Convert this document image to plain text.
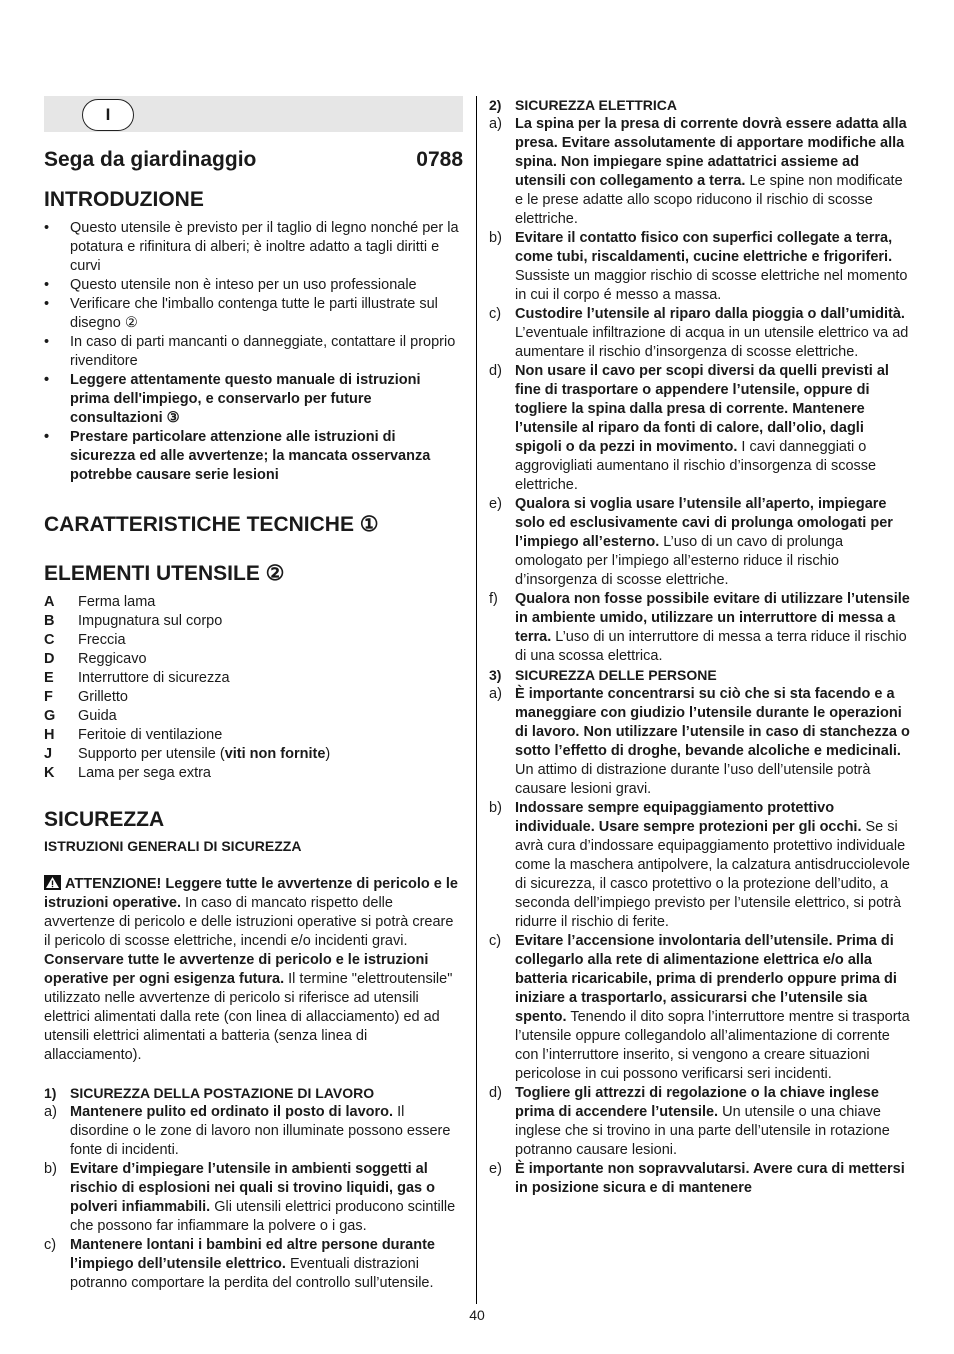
I
Sega da giardinaggio	0788
INTRODUZIONE
• Questo utensile è previsto per il taglio di legno nonché per la potatura e rifinitura di alberi; è inoltre adatto a tagli diritti e curvi
• Questo utensile non è inteso per un uso professionale
• Verificare che l'imballo contenga tutte le parti illustrate sul disegno ②
• In caso di parti mancanti o danneggiate, contattare il proprio rivenditore
• Leggere attentamente questo manuale di istruzioni prima dell'impiego, e conservarlo per future consultazioni ③
• Prestare particolare attenzione alle istruzioni di sicurezza ed alle avvertenze; la mancata osservanza potrebbe causare serie lesioni
CARATTERISTICHE TECNICHE ①
ELEMENTI UTENSILE ②
A	Ferma lama
B	Impugnatura sul corpo
C	Freccia
D	Reggicavo
E	Interruttore di sicurezza
F	Grilletto
G	Guida
H	Feritoie di ventilazione
J	Supporto per utensile (viti non fornite)
K	Lama per sega extra
SICUREZZA
ISTRUZIONI GENERALI DI SICUREZZA
ATTENZIONE! Leggere tutte le avvertenze di pericolo e le istruzioni operative. In caso di mancato rispetto delle avvertenze di pericolo e delle istruzioni operative si potrà creare il pericolo di scosse elettriche, incendi e/o incidenti gravi. Conservare tutte le avvertenze di pericolo e le istruzioni operative per ogni esigenza futura. Il termine "elettroutensile" utilizzato nelle avvertenze di pericolo si riferisce ad utensili elettrici alimentati dalla rete (con linea di allacciamento) ed ad utensili elettrici alimentati a batteria (senza linea di allacciamento).
1) SICUREZZA DELLA POSTAZIONE DI LAVORO
a) Mantenere pulito ed ordinato il posto di lavoro. Il disordine o le zone di lavoro non illuminate possono essere fonte di incidenti.
b) Evitare d’impiegare l’utensile in ambienti soggetti al rischio di esplosioni nei quali si trovino liquidi, gas o polveri infiammabili. Gli utensili elettrici producono scintille che possono far infiammare la polvere o i gas.
c) Mantenere lontani i bambini ed altre persone durante l’impiego dell’utensile elettrico. Eventuali distrazioni potranno comportare la perdita del controllo sull’utensile.
2) SICUREZZA ELETTRICA
a) La spina per la presa di corrente dovrà essere adatta alla presa. Evitare assolutamente di apportare modifiche alla spina. Non impiegare spine adattatrici assieme ad utensili con collegamento a terra. Le spine non modificate e le prese adatte allo scopo riducono il rischio di scosse elettriche.
b) Evitare il contatto fisico con superfici collegate a terra, come tubi, riscaldamenti, cucine elettriche e frigoriferi. Sussiste un maggior rischio di scosse elettriche nel momento in cui il corpo é messo a massa.
c) Custodire l’utensile al riparo dalla pioggia o dall’umidità. L’eventuale infiltrazione di acqua in un utensile elettrico va ad aumentare il rischio d’insorgenza di scosse elettriche.
d) Non usare il cavo per scopi diversi da quelli previsti al fine di trasportare o appendere l’utensile, oppure di togliere la spina dalla presa di corrente. Mantenere l’utensile al riparo da fonti di calore, dall’olio, dagli spigoli o da pezzi in movimento. I cavi danneggiati o aggrovigliati aumentano il rischio d’insorgenza di scosse elettriche.
e) Qualora si voglia usare l’utensile all’aperto, impiegare solo ed esclusivamente cavi di prolunga omologati per l’impiego all’esterno. L’uso di un cavo di prolunga omologato per l’impiego all’esterno riduce il rischio d’insorgenza di scosse elettriche.
f)	Qualora non fosse possibile evitare di utilizzare l’utensile in ambiente umido, utilizzare un interruttore di messa a terra. L’uso di un interruttore di messa a terra riduce il rischio di una scossa elettrica.
3) SICUREZZA DELLE PERSONE
a) È importante concentrarsi su ciò che si sta facendo e a maneggiare con giudizio l’utensile durante le operazioni di lavoro. Non utilizzare l’utensile in caso di stanchezza o sotto l’effetto di droghe, bevande alcoliche e medicinali. Un attimo di distrazione durante l’uso dell’utensile potrà causare lesioni gravi.
b) Indossare sempre equipaggiamento protettivo individuale. Usare sempre protezioni per gli occhi. Se si avrà cura d’indossare equipaggiamento protettivo individuale come la maschera antipolvere, la calzatura antisdrucciolevole di sicurezza, il casco protettivo o la protezione dell’udito, a seconda dell’impiego previsto per l’utensile elettrico, si potrà ridurre il rischio di ferite.
c) Evitare l’accensione involontaria dell’utensile. Prima di collegarlo alla rete di alimentazione elettrica e/o alla batteria ricaricabile, prima di prenderlo oppure prima di iniziare a trasportarlo, assicurarsi che l’utensile sia spento. Tenendo il dito sopra l’interruttore mentre si trasporta l’utensile oppure collegandolo all’alimentazione di corrente con l’interruttore inserito, si vengono a creare situazioni pericolose in cui possono verificarsi seri incidenti.
d) Togliere gli attrezzi di regolazione o la chiave inglese prima di accendere l’utensile. Un utensile o una chiave inglese che si trovino in una parte dell’utensile in rotazione potranno causare lesioni.
e) È importante non sopravvalutarsi. Avere cura di mettersi in posizione sicura e di mantenere
40
